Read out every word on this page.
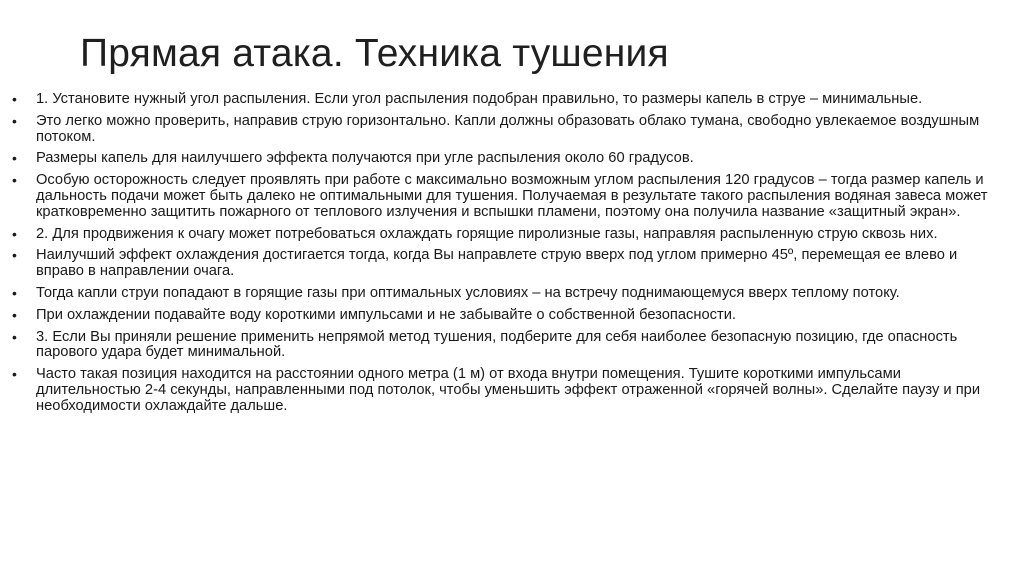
Прямая атака. Техника тушения
• 1. Установите нужный угол распыления. Если угол распыления подобран правильно, то размеры капель в струе – минимальные.
• Это легко можно проверить, направив струю горизонтально. Капли должны образовать облако тумана, свободно увлекаемое воздушным потоком.
• Размеры капель для наилучшего эффекта получаются при угле распыления около 60 градусов.
• Особую осторожность следует проявлять при работе с максимально возможным углом распыления 120 градусов – тогда размер капель и дальность подачи может быть далеко не оптимальными для тушения. Получаемая в результате такого распыления водяная завеса может кратковременно защитить пожарного от теплового излучения и вспышки пламени, поэтому она получила название «защитный экран».
• 2. Для продвижения к очагу может потребоваться охлаждать горящие пиролизные газы, направляя распыленную струю сквозь них.
• Наилучший эффект охлаждения достигается тогда, когда Вы направлете струю вверх под углом примерно 45º, перемещая ее влево и вправо в направлении очага.
• Тогда капли струи попадают в горящие газы при оптимальных условиях – на встречу поднимающемуся вверх теплому потоку.
• При охлаждении подавайте воду короткими импульсами и не забывайте о собственной безопасности.
• 3. Если Вы приняли решение применить непрямой метод тушения, подберите для себя наиболее безопасную позицию, где опасность парового удара будет минимальной.
• Часто такая позиция находится на расстоянии одного метра (1 м) от входа внутри помещения. Тушите короткими импульсами длительностью 2-4 секунды, направленными под потолок, чтобы уменьшить эффект отраженной «горячей волны». Сделайте паузу и при необходимости охлаждайте дальше.
